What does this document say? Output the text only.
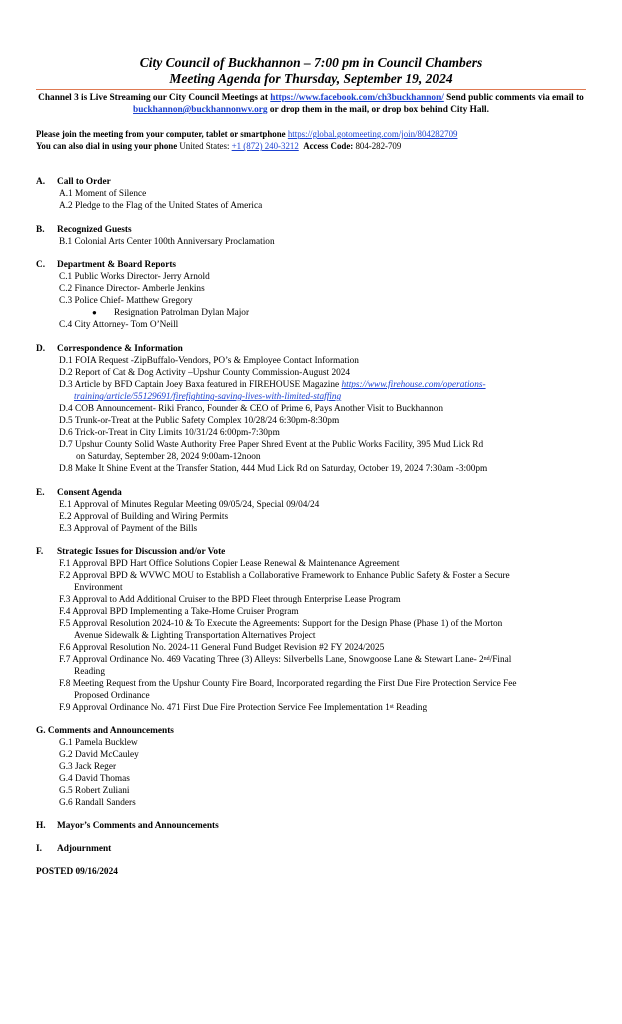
City Council of Buckhannon – 7:00 pm in Council Chambers
Meeting Agenda for Thursday, September 19, 2024
Channel 3 is Live Streaming our City Council Meetings at https://www.facebook.com/ch3buckhannon/ Send public comments via email to buckhannon@buckhannonwv.org or drop them in the mail, or drop box behind City Hall.
Please join the meeting from your computer, tablet or smartphone https://global.gotomeeting.com/join/804282709
You can also dial in using your phone United States: +1 (872) 240-3212 Access Code: 804-282-709
A. Call to Order
A.1 Moment of Silence
A.2 Pledge to the Flag of the United States of America
B. Recognized Guests
B.1 Colonial Arts Center 100th Anniversary Proclamation
C. Department & Board Reports
C.1 Public Works Director- Jerry Arnold
C.2 Finance Director- Amberle Jenkins
C.3 Police Chief- Matthew Gregory
● Resignation Patrolman Dylan Major
C.4 City Attorney- Tom O’Neill
D. Correspondence & Information
D.1 FOIA Request -ZipBuffalo-Vendors, PO’s & Employee Contact Information
D.2 Report of Cat & Dog Activity –Upshur County Commission-August 2024
D.3 Article by BFD Captain Joey Baxa featured in FIREHOUSE Magazine https://www.firehouse.com/operations-
training/article/55129691/firefighting-saving-lives-with-limited-staffing
D.4 COB Announcement- Riki Franco, Founder & CEO of Prime 6, Pays Another Visit to Buckhannon
D.5 Trunk-or-Treat at the Public Safety Complex 10/28/24 6:30pm-8:30pm
D.6 Trick-or-Treat in City Limits 10/31/24 6:00pm-7:30pm
D.7 Upshur County Solid Waste Authority Free Paper Shred Event at the Public Works Facility, 395 Mud Lick Rd
on Saturday, September 28, 2024 9:00am-12noon
D.8 Make It Shine Event at the Transfer Station, 444 Mud Lick Rd on Saturday, October 19, 2024 7:30am -3:00pm
E. Consent Agenda
E.1 Approval of Minutes Regular Meeting 09/05/24, Special 09/04/24
E.2 Approval of Building and Wiring Permits
E.3 Approval of Payment of the Bills
F. Strategic Issues for Discussion and/or Vote
F.1 Approval BPD Hart Office Solutions Copier Lease Renewal & Maintenance Agreement
F.2 Approval BPD & WVWC MOU to Establish a Collaborative Framework to Enhance Public Safety & Foster a Secure
Environment
F.3 Approval to Add Additional Cruiser to the BPD Fleet through Enterprise Lease Program
F.4 Approval BPD Implementing a Take-Home Cruiser Program
F.5 Approval Resolution 2024-10 & To Execute the Agreements: Support for the Design Phase (Phase 1) of the Morton
Avenue Sidewalk & Lighting Transportation Alternatives Project
F.6 Approval Resolution No. 2024-11 General Fund Budget Revision #2 FY 2024/2025
F.7 Approval Ordinance No. 469 Vacating Three (3) Alleys: Silverbells Lane, Snowgoose Lane & Stewart Lane- 2nd/Final
Reading
F.8 Meeting Request from the Upshur County Fire Board, Incorporated regarding the First Due Fire Protection Service Fee
Proposed Ordinance
F.9 Approval Ordinance No. 471 First Due Fire Protection Service Fee Implementation 1st Reading
G. Comments and Announcements
G.1 Pamela Bucklew
G.2 David McCauley
G.3 Jack Reger
G.4 David Thomas
G.5 Robert Zuliani
G.6 Randall Sanders
H. Mayor’s Comments and Announcements
I. Adjournment
POSTED 09/16/2024
